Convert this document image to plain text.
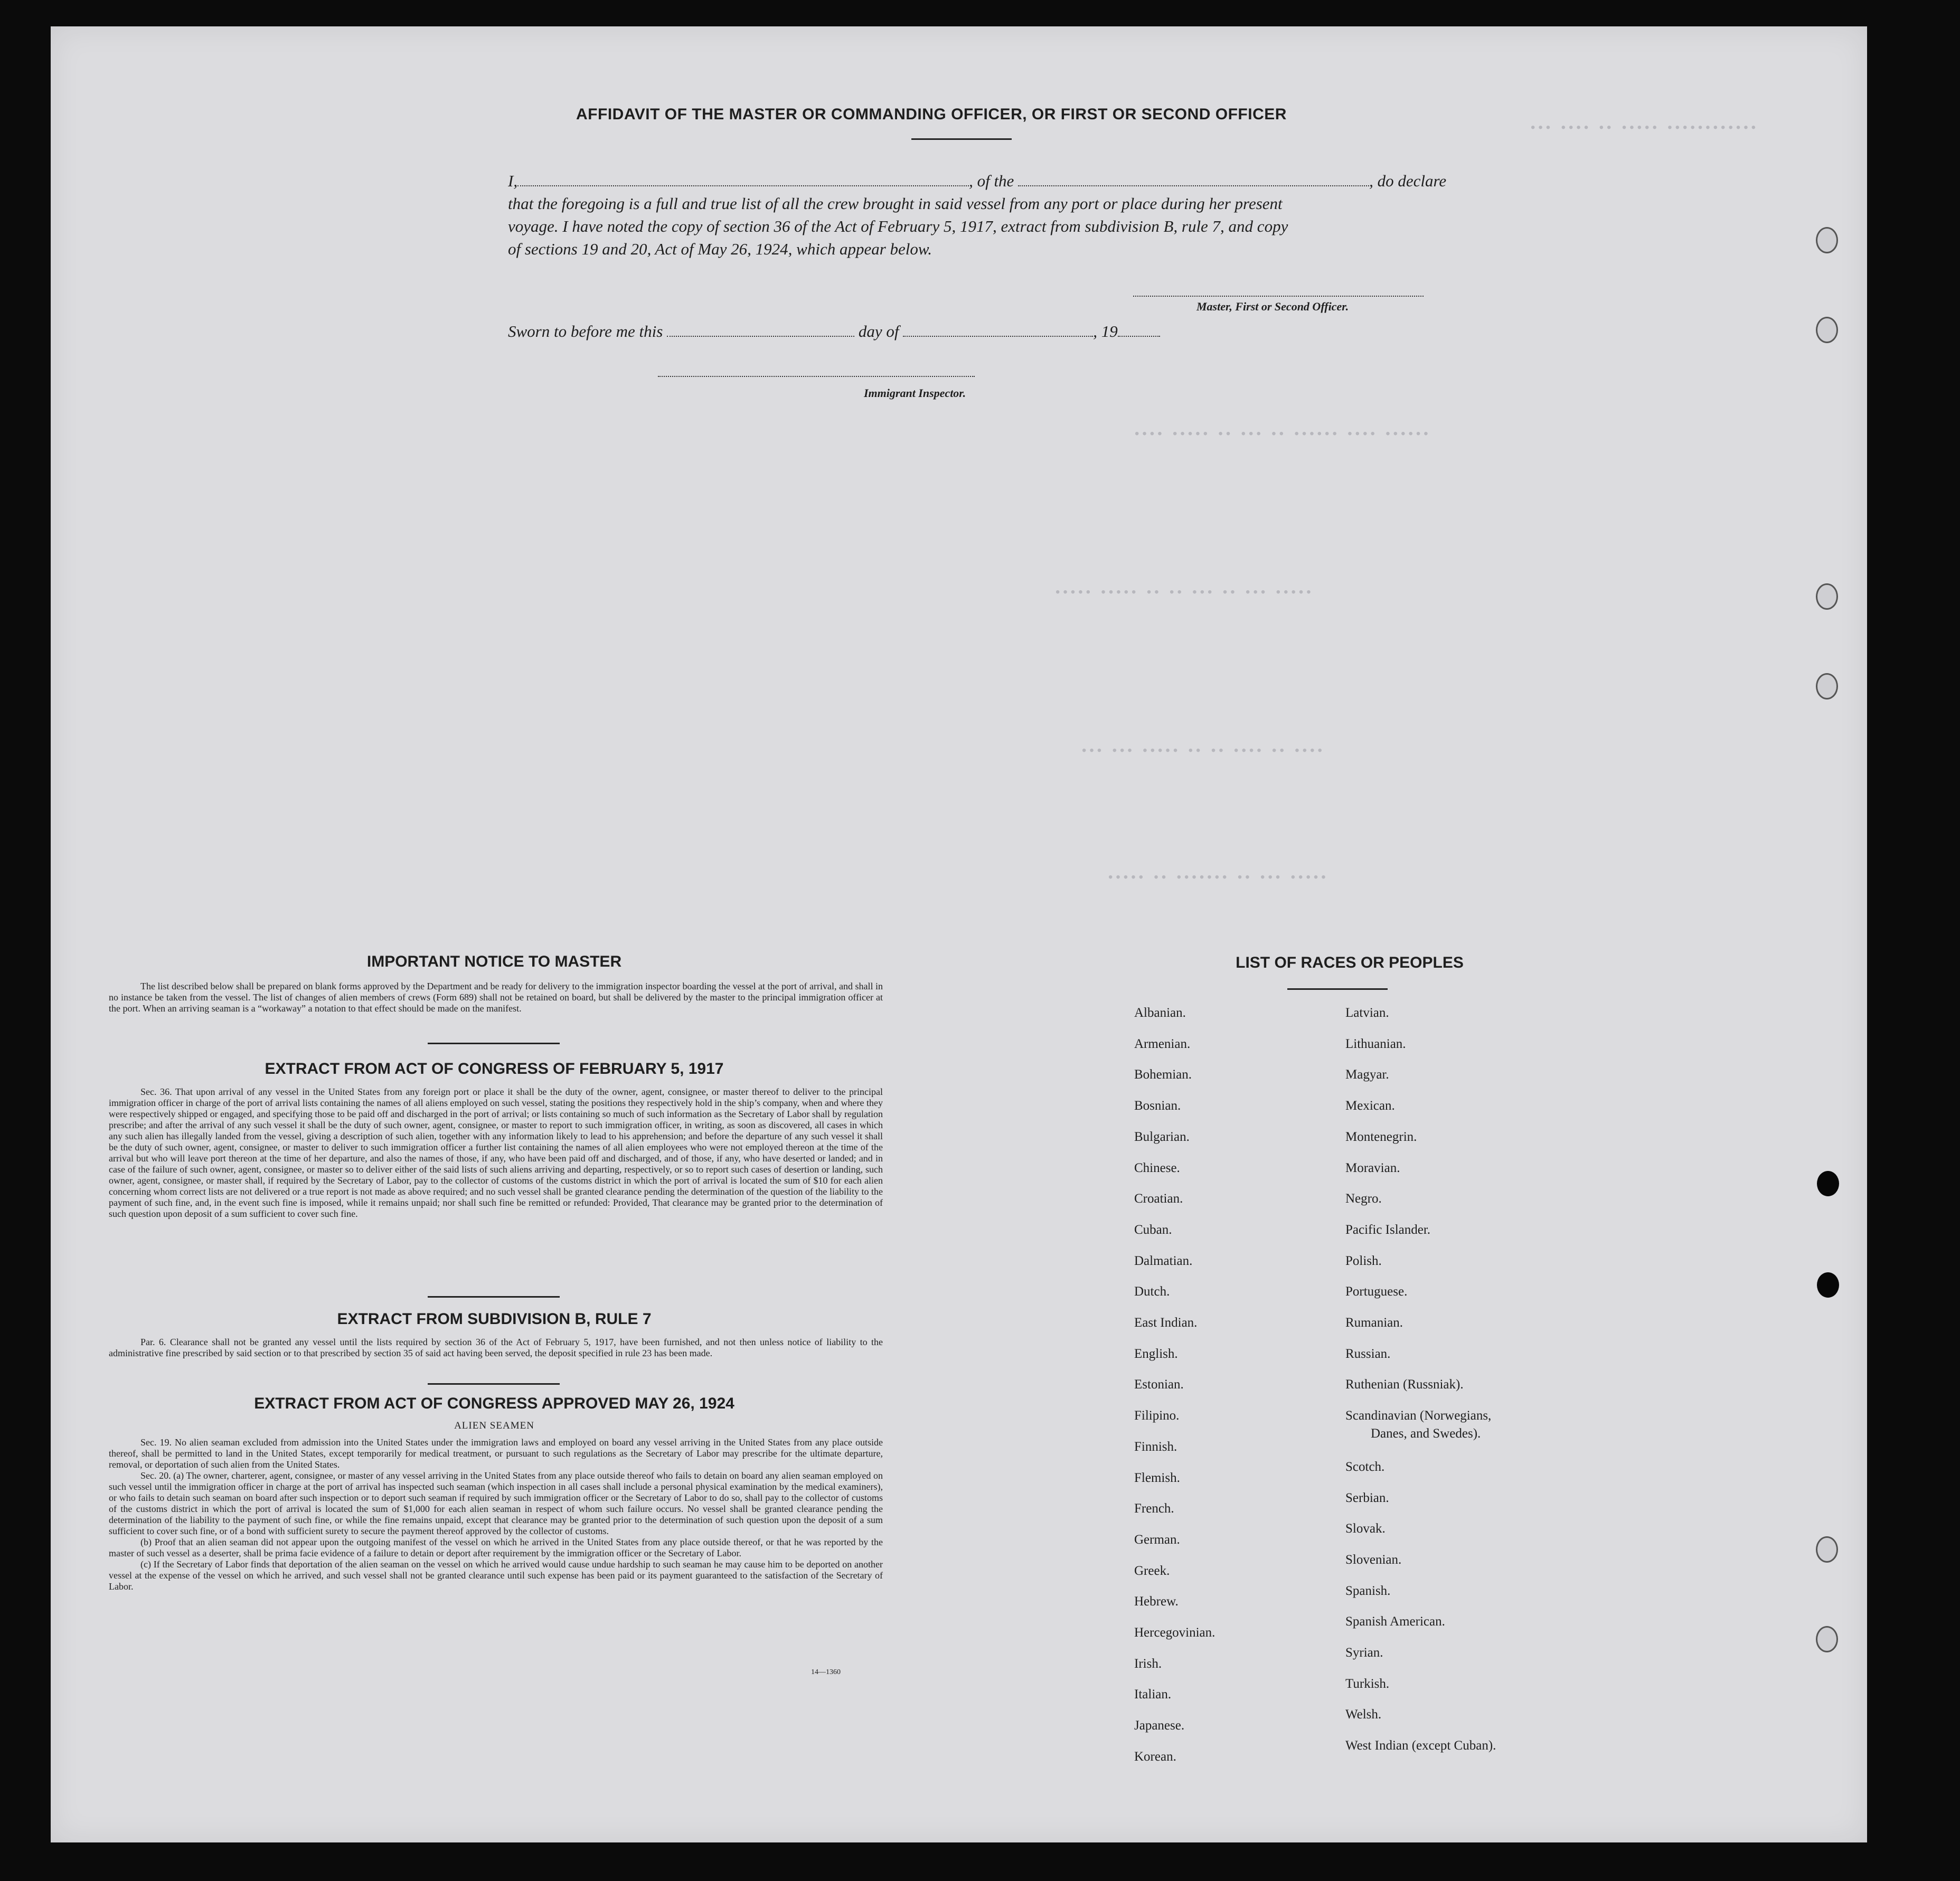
•••• ••••• •• ••• •• •••••• •••• ••••••
••••• ••••• •• •• ••• •• ••• •••••
••• ••• ••••• •• •• •••• •• ••••
••••• •• ••••••• •• ••• •••••
••• •••• •• ••••• ••••••••••••
AFFIDAVIT OF THE MASTER OR COMMANDING OFFICER, OR FIRST OR SECOND OFFICER
I,	, of the	, do declare
that the foregoing is a full and true list of all the crew brought in said vessel from any port or place during her present
voyage. I have noted the copy of section 36 of the Act of February 5, 1917, extract from subdivision B, rule 7, and copy
of sections 19 and 20, Act of May 26, 1924, which appear below.
Master, First or Second Officer.
Sworn to before me this	day of	, 19
Immigrant Inspector.
IMPORTANT NOTICE TO MASTER

The list described below shall be prepared on blank forms approved by the Department and be ready for delivery to the immigration inspector boarding the vessel at the port of arrival, and shall in no instance be taken from the vessel. The list of changes of alien members of crews (Form 689) shall not be retained on board, but shall be delivered by the master to the principal immigration officer at the port. When an arriving seaman is a “workaway” a notation to that effect should be made on the manifest.

EXTRACT FROM ACT OF CONGRESS OF FEBRUARY 5, 1917

Sec. 36. That upon arrival of any vessel in the United States from any foreign port or place it shall be the duty of the owner, agent, consignee, or master thereof to deliver to the principal immigration officer in charge of the port of arrival lists containing the names of all aliens employed on such vessel, stating the positions they respectively hold in the ship’s company, when and where they were respectively shipped or engaged, and specifying those to be paid off and discharged in the port of arrival; or lists containing so much of such information as the Secretary of Labor shall by regulation prescribe; and after the arrival of any such vessel it shall be the duty of such owner, agent, consignee, or master to report to such immigration officer, in writing, as soon as discovered, all cases in which any such alien has illegally landed from the vessel, giving a description of such alien, together with any information likely to lead to his apprehension; and before the departure of any such vessel it shall be the duty of such owner, agent, consignee, or master to deliver to such immigration officer a further list containing the names of all alien employees who were not employed thereon at the time of the arrival but who will leave port thereon at the time of her departure, and also the names of those, if any, who have been paid off and discharged, and of those, if any, who have deserted or landed; and in case of the failure of such owner, agent, consignee, or master so to deliver either of the said lists of such aliens arriving and departing, respectively, or so to report such cases of desertion or landing, such owner, agent, consignee, or master shall, if required by the Secretary of Labor, pay to the collector of customs of the customs district in which the port of arrival is located the sum of $10 for each alien concerning whom correct lists are not delivered or a true report is not made as above required; and no such vessel shall be granted clearance pending the determination of the question of the liability to the payment of such fine, and, in the event such fine is imposed, while it remains unpaid; nor shall such fine be remitted or refunded: Provided, That clearance may be granted prior to the determination of such question upon deposit of a sum sufficient to cover such fine.

EXTRACT FROM SUBDIVISION B, RULE 7

Par. 6. Clearance shall not be granted any vessel until the lists required by section 36 of the Act of February 5, 1917, have been furnished, and not then unless notice of liability to the administrative fine prescribed by said section or to that prescribed by section 35 of said act having been served, the deposit specified in rule 23 has been made.

EXTRACT FROM ACT OF CONGRESS APPROVED MAY 26, 1924
ALIEN SEAMEN

Sec. 19. No alien seaman excluded from admission into the United States under the immigration laws and employed on board any vessel arriving in the United States from any place outside thereof, shall be permitted to land in the United States, except temporarily for medical treatment, or pursuant to such regulations as the Secretary of Labor may prescribe for the ultimate departure, removal, or deportation of such alien from the United States.

Sec. 20. (a) The owner, charterer, agent, consignee, or master of any vessel arriving in the United States from any place outside thereof who fails to detain on board any alien seaman employed on such vessel until the immigration officer in charge at the port of arrival has inspected such seaman (which inspection in all cases shall include a personal physical examination by the medical examiners), or who fails to detain such seaman on board after such inspection or to deport such seaman if required by such immigration officer or the Secretary of Labor to do so, shall pay to the collector of customs of the customs district in which the port of arrival is located the sum of $1,000 for each alien seaman in respect of whom such failure occurs. No vessel shall be granted clearance pending the determination of the liability to the payment of such fine, or while the fine remains unpaid, except that clearance may be granted prior to the determination of such question upon the deposit of a sum sufficient to cover such fine, or of a bond with sufficient surety to secure the payment thereof approved by the collector of customs.

(b) Proof that an alien seaman did not appear upon the outgoing manifest of the vessel on which he arrived in the United States from any place outside thereof, or that he was reported by the master of such vessel as a deserter, shall be prima facie evidence of a failure to detain or deport after requirement by the immigration officer or the Secretary of Labor.

(c) If the Secretary of Labor finds that deportation of the alien seaman on the vessel on which he arrived would cause undue hardship to such seaman he may cause him to be deported on another vessel at the expense of the vessel on which he arrived, and such vessel shall not be granted clearance until such expense has been paid or its payment guaranteed to the satisfaction of the Secretary of Labor.

14—1360
LIST OF RACES OR PEOPLES
Albanian.
Armenian.
Bohemian.
Bosnian.
Bulgarian.
Chinese.
Croatian.
Cuban.
Dalmatian.
Dutch.
East Indian.
English.
Estonian.
Filipino.
Finnish.
Flemish.
French.
German.
Greek.
Hebrew.
Hercegovinian.
Irish.
Italian.
Japanese.
Korean.
Latvian.
Lithuanian.
Magyar.
Mexican.
Montenegrin.
Moravian.
Negro.
Pacific Islander.
Polish.
Portuguese.
Rumanian.
Russian.
Ruthenian (Russniak).
Scandinavian (Norwegians,
Scotch.
Serbian.
Slovak.
Slovenian.
Spanish.
Spanish American.
Syrian.
Turkish.
Welsh.
West Indian (except Cuban).
Danes, and Swedes).
